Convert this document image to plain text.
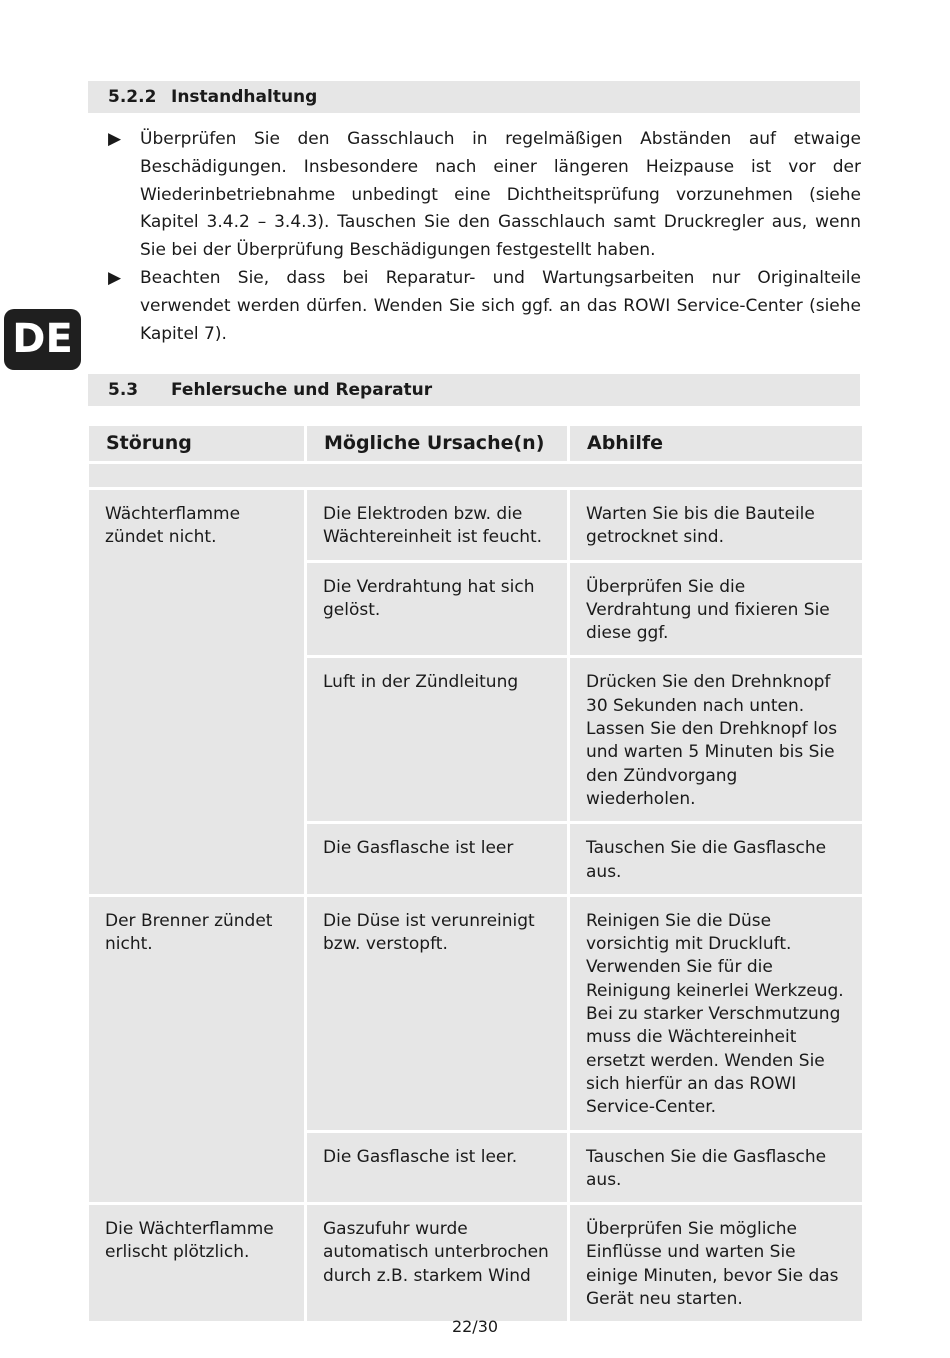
5.2.2 Instandhaltung
▶ Überprüfen Sie den Gasschlauch in regelmäßigen Abständen auf etwaige Beschädigungen. Insbesondere nach einer längeren Heizpause ist vor der Wiederinbetriebnahme unbedingt eine Dichtheitsprüfung vorzunehmen (siehe Kapitel 3.4.2 – 3.4.3). Tauschen Sie den Gasschlauch samt Druckregler aus, wenn Sie bei der Überprüfung Beschädigungen festgestellt haben.
▶ Beachten Sie, dass bei Reparatur- und Wartungsarbeiten nur Originalteile verwendet werden dürfen. Wenden Sie sich ggf. an das ROWI Service-Center (siehe Kapitel 7).
DE
5.3 Fehlersuche und Reparatur
Störung	Mögliche Ursache(n)	Abhilfe

Wächterflamme zündet nicht.	Die Elektroden bzw. die Wächtereinheit ist feucht.	Warten Sie bis die Bauteile getrocknet sind.
	Die Verdrahtung hat sich gelöst.	Überprüfen Sie die Verdrahtung und fixieren Sie diese ggf.
	Luft in der Zündleitung	Drücken Sie den Drehnknopf 30 Sekunden nach unten. Lassen Sie den Drehknopf los und warten 5 Minuten bis Sie den Zündvorgang wiederholen.
	Die Gasflasche ist leer	Tauschen Sie die Gasflasche aus.
Der Brenner zündet nicht.	Die Düse ist verunreinigt bzw. verstopft.	Reinigen Sie die Düse vorsichtig mit Druckluft. Verwenden Sie für die Reinigung keinerlei Werkzeug. Bei zu starker Verschmutzung muss die Wächtereinheit ersetzt werden. Wenden Sie sich hierfür an das ROWI Service-Center.
	Die Gasflasche ist leer.	Tauschen Sie die Gasflasche aus.
Die Wächterflamme erlischt plötzlich.	Gaszufuhr wurde automatisch unterbrochen durch z.B. starkem Wind	Überprüfen Sie mögliche Einflüsse und warten Sie einige Minuten, bevor Sie das Gerät neu starten.
22/30
